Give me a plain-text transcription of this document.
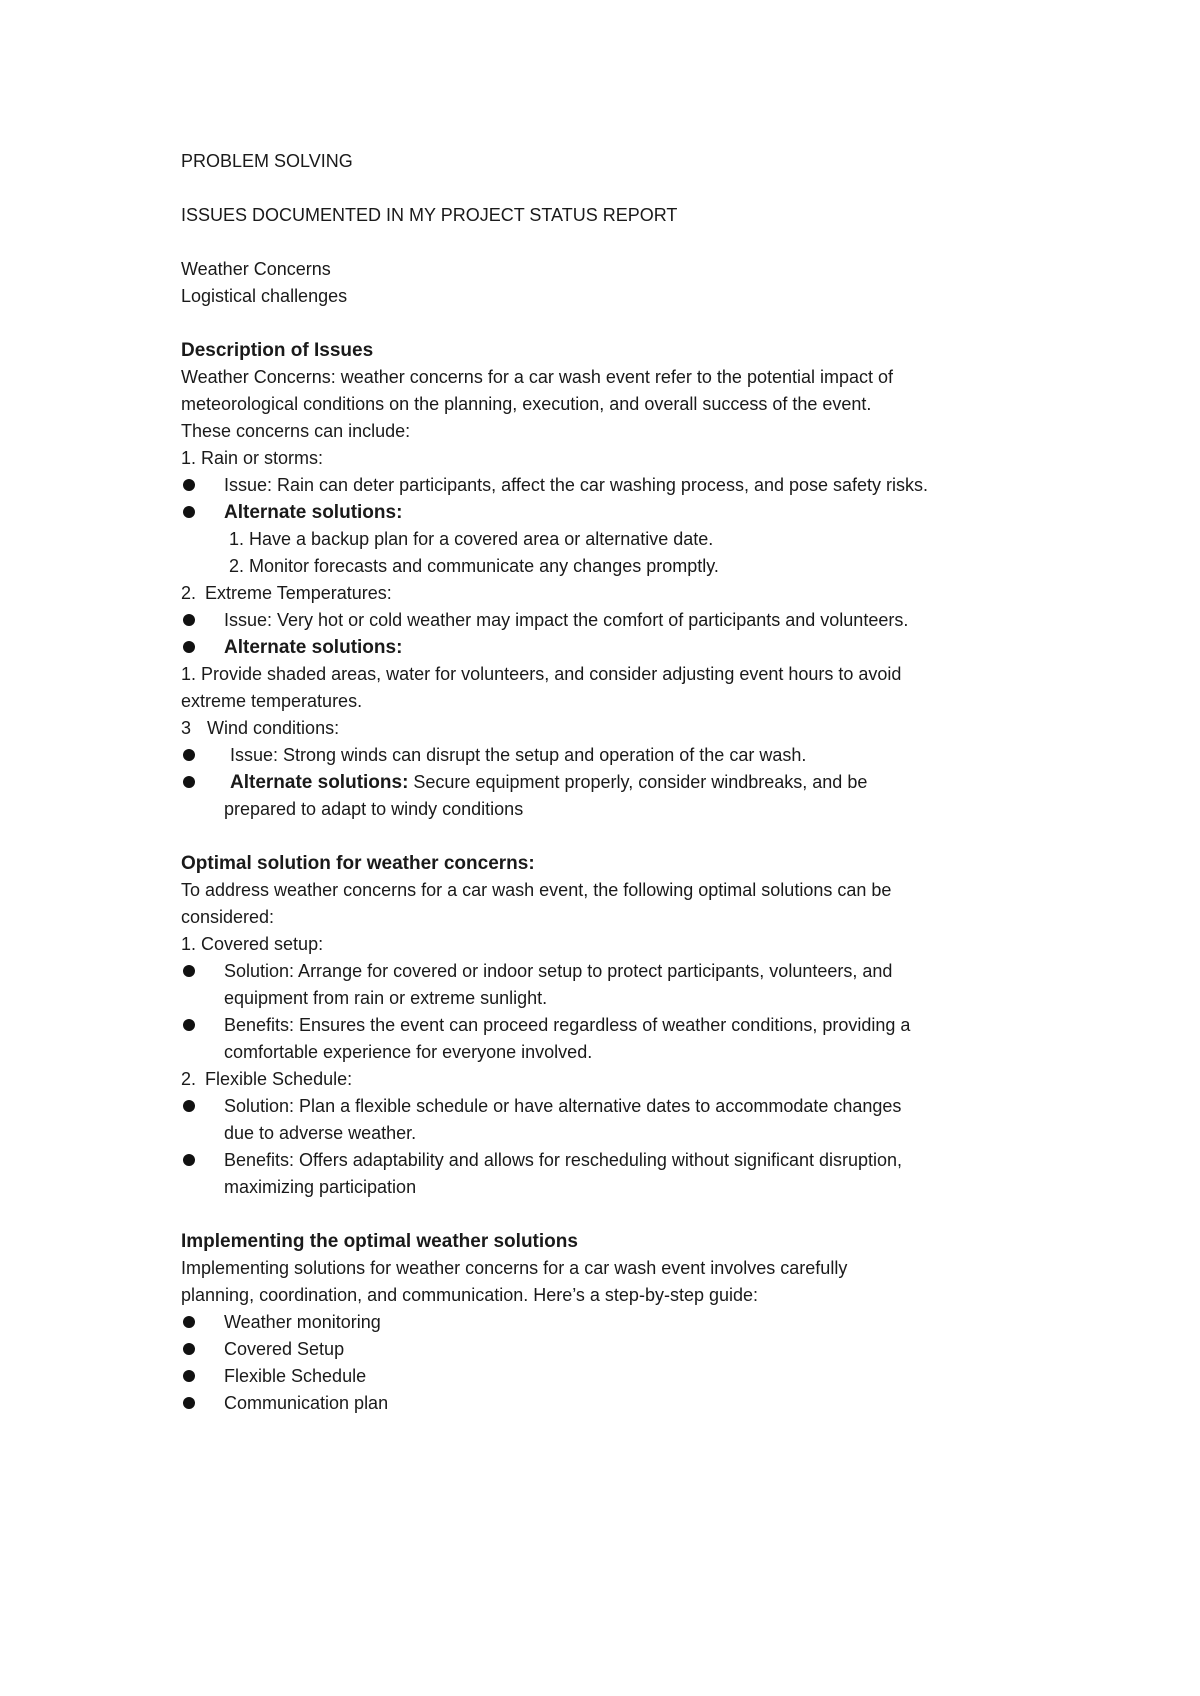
PROBLEM SOLVING
ISSUES DOCUMENTED IN MY PROJECT STATUS REPORT
Weather Concerns
Logistical challenges
Description of Issues
Weather Concerns: weather concerns for a car wash event refer to the potential impact of
meteorological conditions on the planning, execution, and overall success of the event.
These concerns can include:
1. Rain or storms:
Issue: Rain can deter participants, affect the car washing process, and pose safety risks.
Alternate solutions:
1. Have a backup plan for a covered area or alternative date.
2. Monitor forecasts and communicate any changes promptly.
2. Extreme Temperatures:
Issue: Very hot or cold weather may impact the comfort of participants and volunteers.
Alternate solutions:
1. Provide shaded areas, water for volunteers, and consider adjusting event hours to avoid
extreme temperatures.
3 Wind conditions:
Issue: Strong winds can disrupt the setup and operation of the car wash.
Alternate solutions: Secure equipment properly, consider windbreaks, and be
prepared to adapt to windy conditions
Optimal solution for weather concerns:
To address weather concerns for a car wash event, the following optimal solutions can be
considered:
1. Covered setup:
Solution: Arrange for covered or indoor setup to protect participants, volunteers, and
equipment from rain or extreme sunlight.
Benefits: Ensures the event can proceed regardless of weather conditions, providing a
comfortable experience for everyone involved.
2. Flexible Schedule:
Solution: Plan a flexible schedule or have alternative dates to accommodate changes
due to adverse weather.
Benefits: Offers adaptability and allows for rescheduling without significant disruption,
maximizing participation
Implementing the optimal weather solutions
Implementing solutions for weather concerns for a car wash event involves carefully
planning, coordination, and communication. Here’s a step-by-step guide:
Weather monitoring
Covered Setup
Flexible Schedule
Communication plan
